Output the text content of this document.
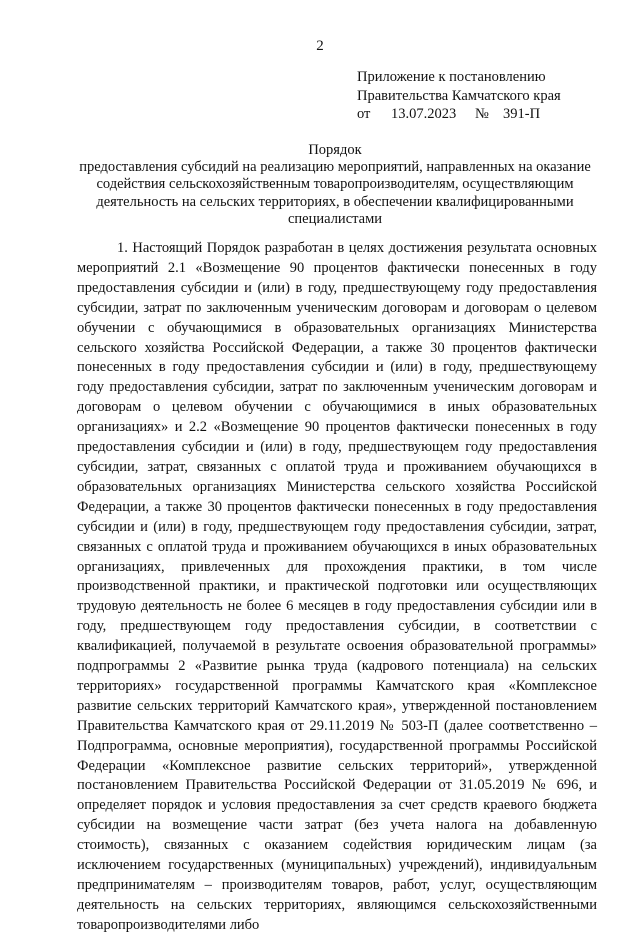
2
Приложение к постановлению
Правительства Камчатского края
от 13.07.2023 № 391-П
Порядок
предоставления субсидий на реализацию мероприятий, направленных на оказание содействия сельскохозяйственным товаропроизводителям, осуществляющим деятельность на сельских территориях, в обеспечении квалифицированными специалистами
1. Настоящий Порядок разработан в целях достижения результата основных мероприятий 2.1 «Возмещение 90 процентов фактически понесенных в году предоставления субсидии и (или) в году, предшествующему году предоставления субсидии, затрат по заключенным ученическим договорам и договорам о целевом обучении с обучающимися в образовательных организациях Министерства сельского хозяйства Российской Федерации, а также 30 процентов фактически понесенных в году предоставления субсидии и (или) в году, предшествующему году предоставления субсидии, затрат по заключенным ученическим договорам и договорам о целевом обучении с обучающимися в иных образовательных организациях» и 2.2 «Возмещение 90 процентов фактически понесенных в году предоставления субсидии и (или) в году, предшествующем году предоставления субсидии, затрат, связанных с оплатой труда и проживанием обучающихся в образовательных организациях Министерства сельского хозяйства Российской Федерации, а также 30 процентов фактически понесенных в году предоставления субсидии и (или) в году, предшествующем году предоставления субсидии, затрат, связанных с оплатой труда и проживанием обучающихся в иных образовательных организациях, привлеченных для прохождения практики, в том числе производственной практики, и практической подготовки или осуществляющих трудовую деятельность не более 6 месяцев в году предоставления субсидии или в году, предшествующем году предоставления субсидии, в соответствии с квалификацией, получаемой в результате освоения образовательной программы» подпрограммы 2 «Развитие рынка труда (кадрового потенциала) на сельских территориях» государственной программы Камчатского края «Комплексное развитие сельских территорий Камчатского края», утвержденной постановлением Правительства Камчатского края от 29.11.2019 № 503-П (далее соответственно – Подпрограмма, основные мероприятия), государственной программы Российской Федерации «Комплексное развитие сельских территорий», утвержденной постановлением Правительства Российской Федерации от 31.05.2019 № 696, и определяет порядок и условия предоставления за счет средств краевого бюджета субсидии на возмещение части затрат (без учета налога на добавленную стоимость), связанных с оказанием содействия юридическим лицам (за исключением государственных (муниципальных) учреждений), индивидуальным предпринимателям – производителям товаров, работ, услуг, осуществляющим деятельность на сельских территориях, являющимся сельскохозяйственными товаропроизводителями либо
